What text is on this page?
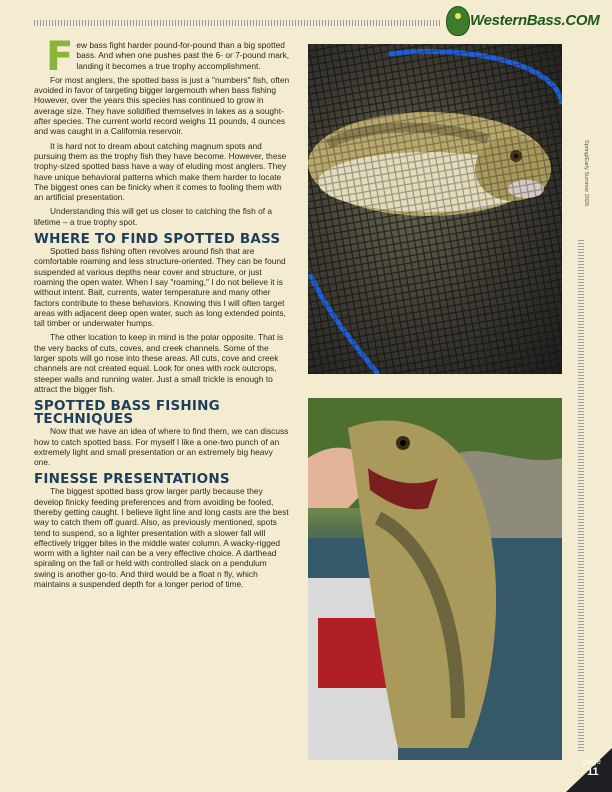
WesternBass.COM
Spring/Early Summer 2026

Few bass fight harder pound-for-pound than a big spotted bass. And when one pushes past the 6- or 7-pound mark, landing it becomes a true trophy accomplishment.

For most anglers, the spotted bass is just a "numbers" fish, often avoided in favor of targeting bigger largemouth when bass fishing However, over the years this species has continued to grow in average size. They have solidified themselves in lakes as a sought-after species. The current world record weighs 11 pounds, 4 ounces and was caught in a California reservoir.

It is hard not to dream about catching magnum spots and pursuing them as the trophy fish they have become. However, these trophy-sized spotted bass have a way of eluding most anglers. They have unique behavioral patterns which make them harder to locate The biggest ones can be finicky when it comes to fooling them with an artificial presentation.

Understanding this will get us closer to catching the fish of a lifetime – a true trophy spot.

WHERE TO FIND SPOTTED BASS

Spotted bass fishing often revolves around fish that are comfortable roaming and less structure-oriented. They can be found suspended at various depths near cover and structure, or just roaming the open water. When I say "roaming," I do not believe it is without intent. Bait, currents, water temperature and many other factors contribute to these behaviors. Knowing this I will often target areas with adjacent deep open water, such as long extended points, tall timber or underwater humps.

The other location to keep in mind is the polar opposite. That is the very backs of cuts, coves, and creek channels. Some of the larger spots will go nose into these areas. All cuts, cove and creek channels are not created equal. Look for ones with rock outcrops, steeper walls and running water. Just a small trickle is enough to attract the bigger fish.

SPOTTED BASS FISHING TECHNIQUES

Now that we have an idea of where to find them, we can discuss how to catch spotted bass. For myself I like a one-two punch of an extremely light and small presentation or an extremely big heavy one.

FINESSE PRESENTATIONS

The biggest spotted bass grow larger partly because they develop finicky feeding preferences and from avoiding be fooled, thereby getting caught. I believe light line and long casts are the best way to catch them off guard. Also, as previously mentioned, spots tend to suspend, so a lighter presentation with a slower fall will effectively trigger bites in the middle water column. A wacky-rigged worm with a lighter nail can be a very effective choice. A darthead spiraling on the fall or held with controlled slack on a pendulum swing is another go-to. And third would be a float n fly, which maintains a suspended depth for a longer period of time.

page
11
